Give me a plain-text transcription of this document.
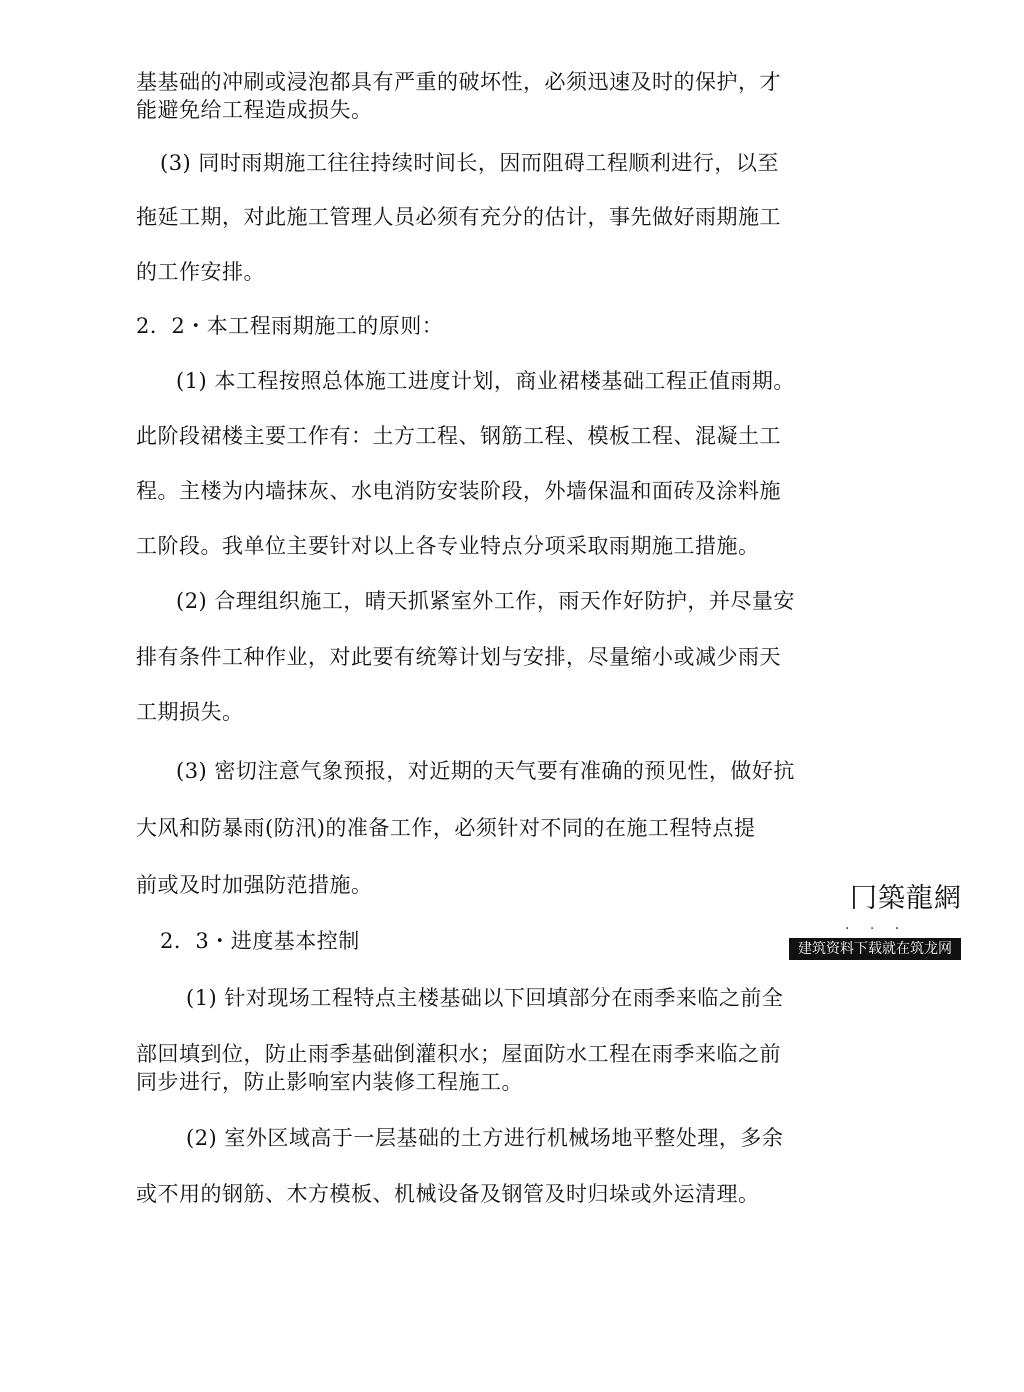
基基础的冲刷或浸泡都具有严重的破坏性，必须迅速及时的保护，才
能避免给工程造成损失。
(3) 同时雨期施工往往持续时间长，因而阻碍工程顺利进行，以至
拖延工期，对此施工管理人员必须有充分的估计，事先做好雨期施工
的工作安排。
2．2・本工程雨期施工的原则：
(1) 本工程按照总体施工进度计划，商业裙楼基础工程正值雨期。
此阶段裙楼主要工作有：土方工程、钢筋工程、模板工程、混凝土工
程。主楼为内墙抹灰、水电消防安装阶段，外墙保温和面砖及涂料施
工阶段。我单位主要针对以上各专业特点分项采取雨期施工措施。
(2) 合理组织施工，晴天抓紧室外工作，雨天作好防护，并尽量安
排有条件工种作业，对此要有统筹计划与安排，尽量缩小或减少雨天
工期损失。
(3) 密切注意气象预报，对近期的天气要有准确的预见性，做好抗
大风和防暴雨(防汛)的准备工作，必须针对不同的在施工程特点提
前或及时加强防范措施。
2．3・进度基本控制
(1) 针对现场工程特点主楼基础以下回填部分在雨季来临之前全
部回填到位，防止雨季基础倒灌积水；屋面防水工程在雨季来临之前
同步进行，防止影响室内装修工程施工。
(2) 室外区域高于一层基础的土方进行机械场地平整处理，多余
或不用的钢筋、木方模板、机械设备及钢管及时归垛或外运清理。
冂築龍網
· · ·
建筑资料下载就在筑龙网
